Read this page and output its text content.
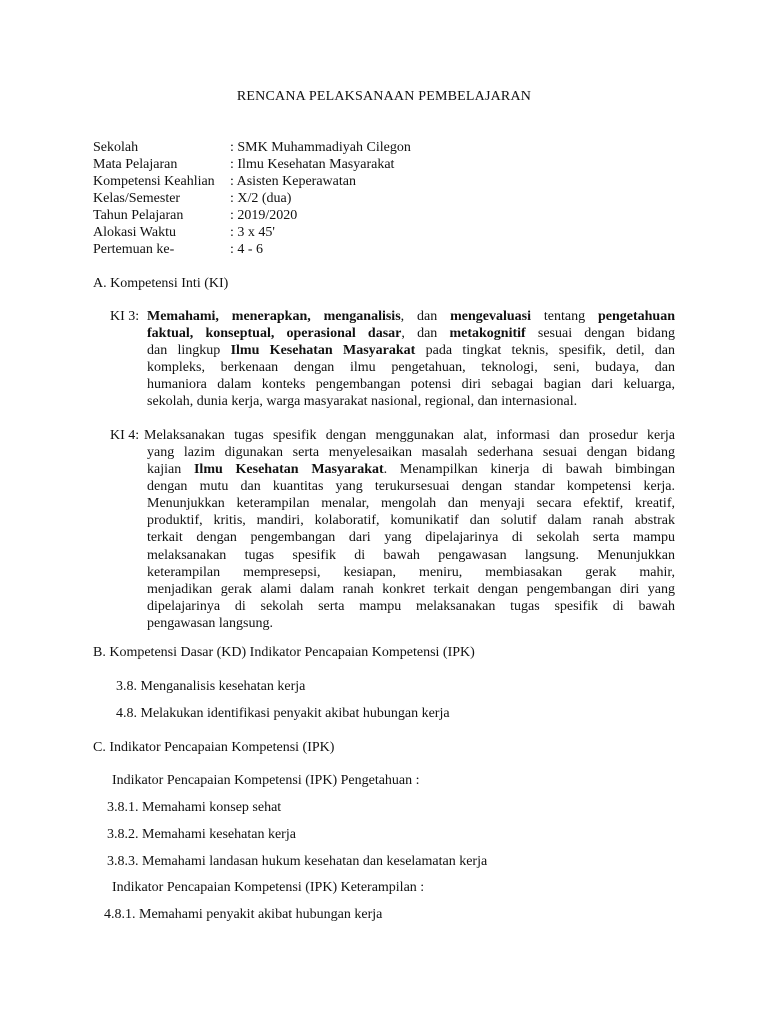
RENCANA PELAKSANAAN PEMBELAJARAN
Sekolah	: SMK Muhammadiyah Cilegon
Mata Pelajaran	: Ilmu Kesehatan Masyarakat
Kompetensi Keahlian : Asisten Keperawatan
Kelas/Semester	: X/2 (dua)
Tahun Pelajaran	: 2019/2020
Alokasi Waktu	: 3 x 45'
Pertemuan ke-	: 4 - 6
A. Kompetensi Inti (KI)
KI 3: Memahami, menerapkan, menganalisis, dan mengevaluasi tentang pengetahuan
faktual, konseptual, operasional dasar, dan metakognitif sesuai dengan bidang
dan lingkup Ilmu Kesehatan Masyarakat pada tingkat teknis, spesifik, detil, dan
kompleks, berkenaan dengan ilmu pengetahuan, teknologi, seni, budaya, dan
humaniora dalam konteks pengembangan potensi diri sebagai bagian dari keluarga,
sekolah, dunia kerja, warga masyarakat nasional, regional, dan internasional.
KI 4: Melaksanakan tugas spesifik dengan menggunakan alat, informasi dan prosedur kerja
yang lazim digunakan serta menyelesaikan masalah sederhana sesuai dengan bidang
kajian Ilmu Kesehatan Masyarakat. Menampilkan kinerja di bawah bimbingan
dengan mutu dan kuantitas yang terukursesuai dengan standar kompetensi kerja.
Menunjukkan keterampilan menalar, mengolah dan menyaji secara efektif, kreatif,
produktif, kritis, mandiri, kolaboratif, komunikatif dan solutif dalam ranah abstrak
terkait dengan pengembangan dari yang dipelajarinya di sekolah serta mampu
melaksanakan tugas spesifik di bawah pengawasan langsung. Menunjukkan
keterampilan mempresepsi, kesiapan, meniru, membiasakan gerak mahir,
menjadikan gerak alami dalam ranah konkret terkait dengan pengembangan diri yang
dipelajarinya di sekolah serta mampu melaksanakan tugas spesifik di bawah
pengawasan langsung.
B. Kompetensi Dasar (KD) Indikator Pencapaian Kompetensi (IPK)
3.8. Menganalisis kesehatan kerja
4.8. Melakukan identifikasi penyakit akibat hubungan kerja
C. Indikator Pencapaian Kompetensi (IPK)
Indikator Pencapaian Kompetensi (IPK) Pengetahuan :
3.8.1. Memahami konsep sehat
3.8.2. Memahami kesehatan kerja
3.8.3. Memahami landasan hukum kesehatan dan keselamatan kerja
Indikator Pencapaian Kompetensi (IPK) Keterampilan :
4.8.1. Memahami penyakit akibat hubungan kerja
